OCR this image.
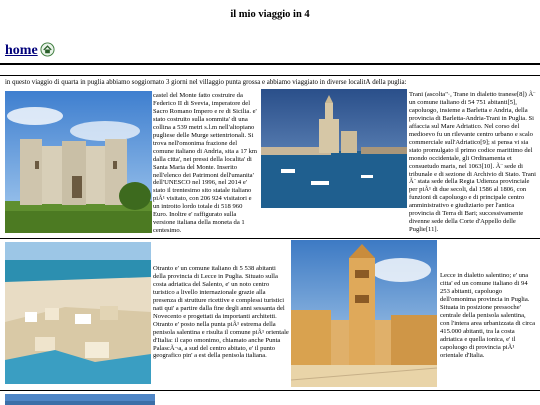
il mio viaggio in 4
home
in questo viaggio di quarta in puglia abbiamo soggiornato 3 giorni nel villaggio punta grossa e abbiamo viaggiato in diverse localitÃ della puglia:
castel del Monte fatto costruire da Federico II di Svevia, imperatore del Sacro Romano Impero e re di Sicilia. e' stato costruito sulla sommita' di una collina a 539 metri s.l.m nell'altopiano pugliese delle Murge settentrionali. Si trova nell'omonima frazione del comune italiano di Andria, sita a 17 km dalla citta', nei pressi della localita' di Santa Maria del Monte. Inserito nell'elenco dei Patrimoni dell'umanita' dell'UNESCO nel 1996, nel 2014 e' stato il trentesimo sito statale italiano piÃ¹ visitato, con 206 924 visitatori e un introito lordo totale di 518 960 Euro. Inoltre e' raffigurato sulla versione italiana della moneta da 1 centesimo.
Trani (ascolta"·, Trane in dialetto tranese[8]) Ã¨ un comune italiano di 54 751 abitanti[5], capoluogo, insieme a Barletta e Andria, della provincia di Barletta-Andria-Trani in Puglia. Si affaccia sul Mare Adriatico. Nel corso del medioevo fu un rilevante centro urbano e scalo commerciale sull'Adriatico[9]; si pensa vi sia stato promulgato il primo codice marittimo del mondo occidentale, gli Ordinamenta et consuetudo maris, nel 1063[10]. Ã¨ sede di tribunale e di sezione di Archivio di Stato. Trani Ã¨ stata sede della Regia Udienza provinciale per piÃ¹ di due secoli, dal 1586 al 1806, con funzioni di capoluogo e di principale centro amministrativo e giudiziario per l'antica provincia di Terra di Bari; successivamente divenne sede della Corte d'Appello delle Puglie[11].
Otranto e' un comune italiano di 5 538 abitanti della provincia di Lecce in Puglia. Situato sulla costa adriatica del Salento, e' un noto centro turistico a livello internazionale grazie alla presenza di strutture ricettive e complessi turistici nati qui' a partire dalla fine degli anni sessanta del Novecento e progettati da importanti architetti. Otranto e' posto nella punta piÃ¹ estrema della penisola salentina e risulta il comune piÃ¹ orientale d'Italia: il capo omonimo, chiamato anche Punta PalascÃ¬a, a sud del centro abitato, e' il punto geografico pin' a est della penisola italiana.
Lecce in dialetto salentino; e' una citta' ed un comune italiano di 94 253 abitanti, capoluogo dell'omonima provincia in Puglia. Situata in posizione pressoche' centrale della penisola salentina, con l'intera area urbanizzata di circa 415.000 abitanti, tra la costa adriatica e quella ionica, e' il capoluogo di provincia piÃ¹ orientale d'Italia.
